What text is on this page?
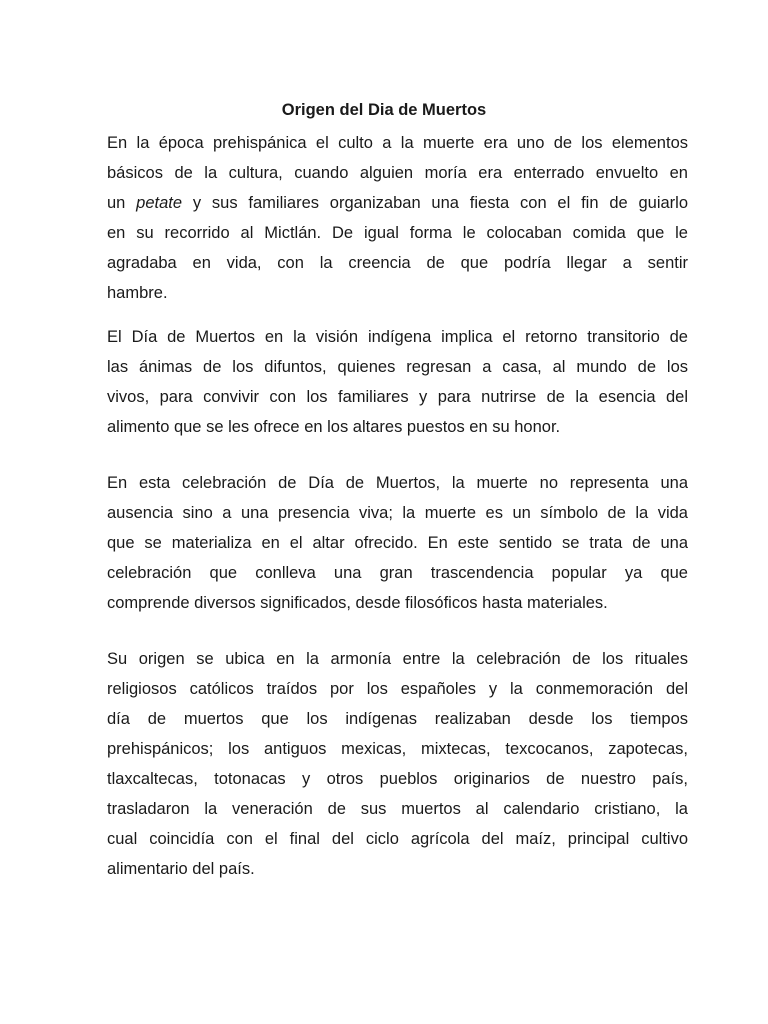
Origen del Dia de Muertos
En la época prehispánica el culto a la muerte era uno de los elementos
básicos de la cultura, cuando alguien moría era enterrado envuelto en
un petate y sus familiares organizaban una fiesta con el fin de guiarlo
en su recorrido al Mictlán. De igual forma le colocaban comida que le
agradaba en vida, con la creencia de que podría llegar a sentir
hambre.
El Día de Muertos en la visión indígena implica el retorno transitorio de
las ánimas de los difuntos, quienes regresan a casa, al mundo de los
vivos, para convivir con los familiares y para nutrirse de la esencia del
alimento que se les ofrece en los altares puestos en su honor.
En esta celebración de Día de Muertos, la muerte no representa una
ausencia sino a una presencia viva; la muerte es un símbolo de la vida
que se materializa en el altar ofrecido. En este sentido se trata de una
celebración que conlleva una gran trascendencia popular ya que
comprende diversos significados, desde filosóficos hasta materiales.
Su origen se ubica en la armonía entre la celebración de los rituales
religiosos católicos traídos por los españoles y la conmemoración del
día de muertos que los indígenas realizaban desde los tiempos
prehispánicos; los antiguos mexicas, mixtecas, texcocanos, zapotecas,
tlaxcaltecas, totonacas y otros pueblos originarios de nuestro país,
trasladaron la veneración de sus muertos al calendario cristiano, la
cual coincidía con el final del ciclo agrícola del maíz, principal cultivo
alimentario del país.
